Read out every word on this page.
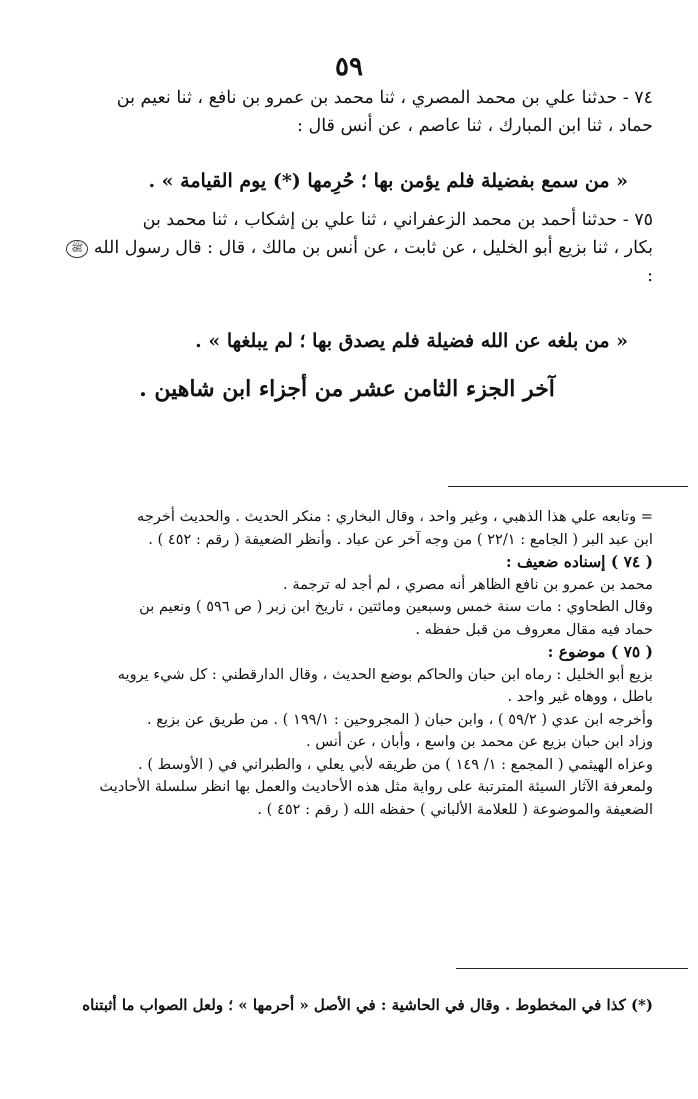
٥٩
٧٤ - حدثنا علي بن محمد المصري ، ثنا محمد بن عمرو بن نافع ، ثنا نعيم بن
حماد ، ثنا ابن المبارك ، ثنا عاصم ، عن أنس قال :
« من سمع بفضيلة فلم يؤمن بها ؛ حُرِمها (*) يوم القيامة » .
٧٥ - حدثنا أحمد بن محمد الزعفراني ، ثنا علي بن إشكاب ، ثنا محمد بن
بكار ، ثنا بزيع أبو الخليل ، عن ثابت ، عن أنس بن مالك ، قال : قال رسول الله ﷺ
:
« من بلغه عن الله فضيلة فلم يصدق بها ؛ لم يبلغها » .
آخر الجزء الثامن عشر من أجزاء ابن شاهين .
= وتابعه علي هذا الذهبي ، وغير واحد ، وقال البخاري : منكر الحديث . والحديث أخرجه
ابن عبد البر ( الجامع : ٢٢/١ ) من وجه آخر عن عباد . وأنظر الضعيفة ( رقم : ٤٥٢ ) .
( ٧٤ ) إسناده ضعيف :
محمد بن عمرو بن نافع الظاهر أنه مصري ، لم أجد له ترجمة .
وقال الطحاوي : مات سنة خمس وسبعين ومائتين ، تاريخ ابن زبر ( ص ٥٩٦ ) ونعيم بن
حماد فيه مقال معروف من قبل حفظه .
( ٧٥ ) موضوع :
بزيع أبو الخليل : رماه ابن حبان والحاكم بوضع الحديث ، وقال الدارقطني : كل شيء يرويه
باطل ، ووهاه غير واحد .
وأخرجه ابن عدي ( ٥٩/٢ ) ، وابن حبان ( المجروحين : ١٩٩/١ ) . من طريق عن بزيع .
وزاد ابن حبان بزيع عن محمد بن واسع ، وأبان ، عن أنس .
وعزاه الهيثمي ( المجمع : ١/ ١٤٩ ) من طريقه لأبي يعلي ، والطبراني في ( الأوسط ) .
ولمعرفة الآثار السيئة المترتبة على رواية مثل هذه الأحاديث والعمل بها انظر سلسلة الأحاديث
الضعيفة والموضوعة ( للعلامة الألباني ) حفظه الله ( رقم : ٤٥٢ ) .
(*) كذا في المخطوط . وقال في الحاشية : في الأصل « أحرمها » ؛ ولعل الصواب ما أثبتناه
